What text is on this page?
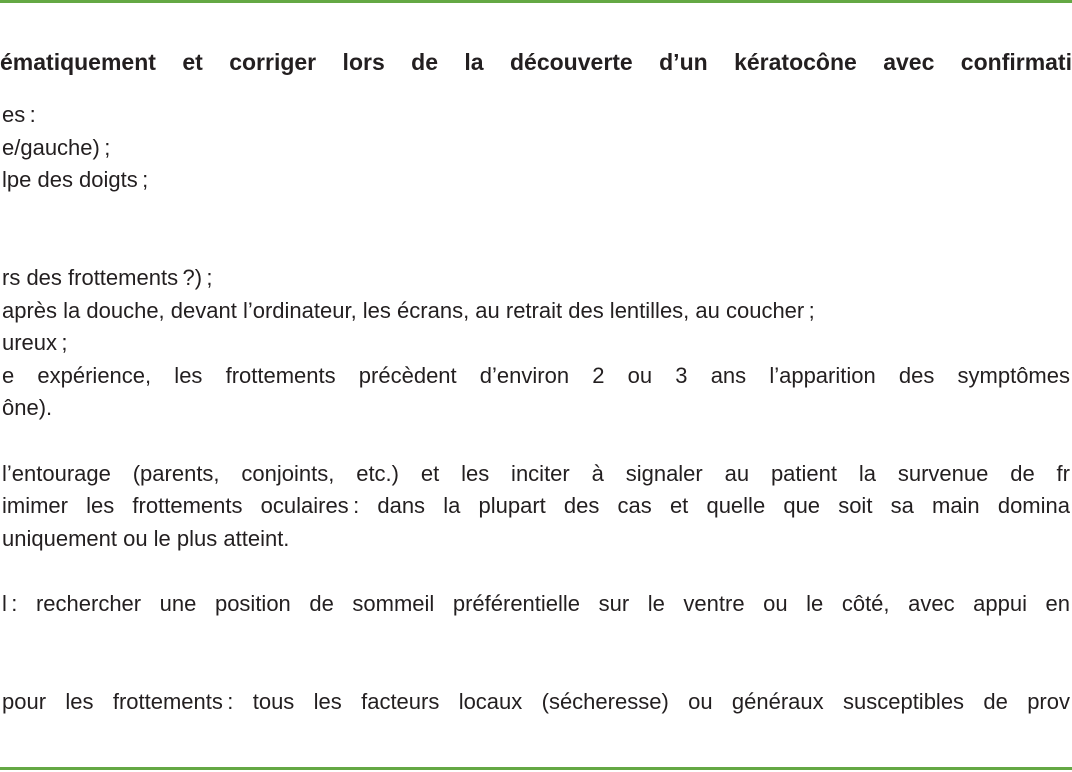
ématiquement et corriger lors de la découverte d’un kératocône avec confirmati
es :
e/gauche) ;
lpe des doigts ;
rs des frottements ?) ;
après la douche, devant l’ordinateur, les écrans, au retrait des lentilles, au coucher ;
ureux ;
e expérience, les frottements précèdent d’environ 2 ou 3 ans l’apparition des symptômes
ône).
l’entourage (parents, conjoints, etc.) et les inciter à signaler au patient la survenue de fr
imimer les frottements oculaires : dans la plupart des cas et quelle que soit sa main domina
uniquement ou le plus atteint.
l : rechercher une position de sommeil préférentielle sur le ventre ou le côté, avec appui en
pour les frottements : tous les facteurs locaux (sécheresse) ou généraux susceptibles de prov
